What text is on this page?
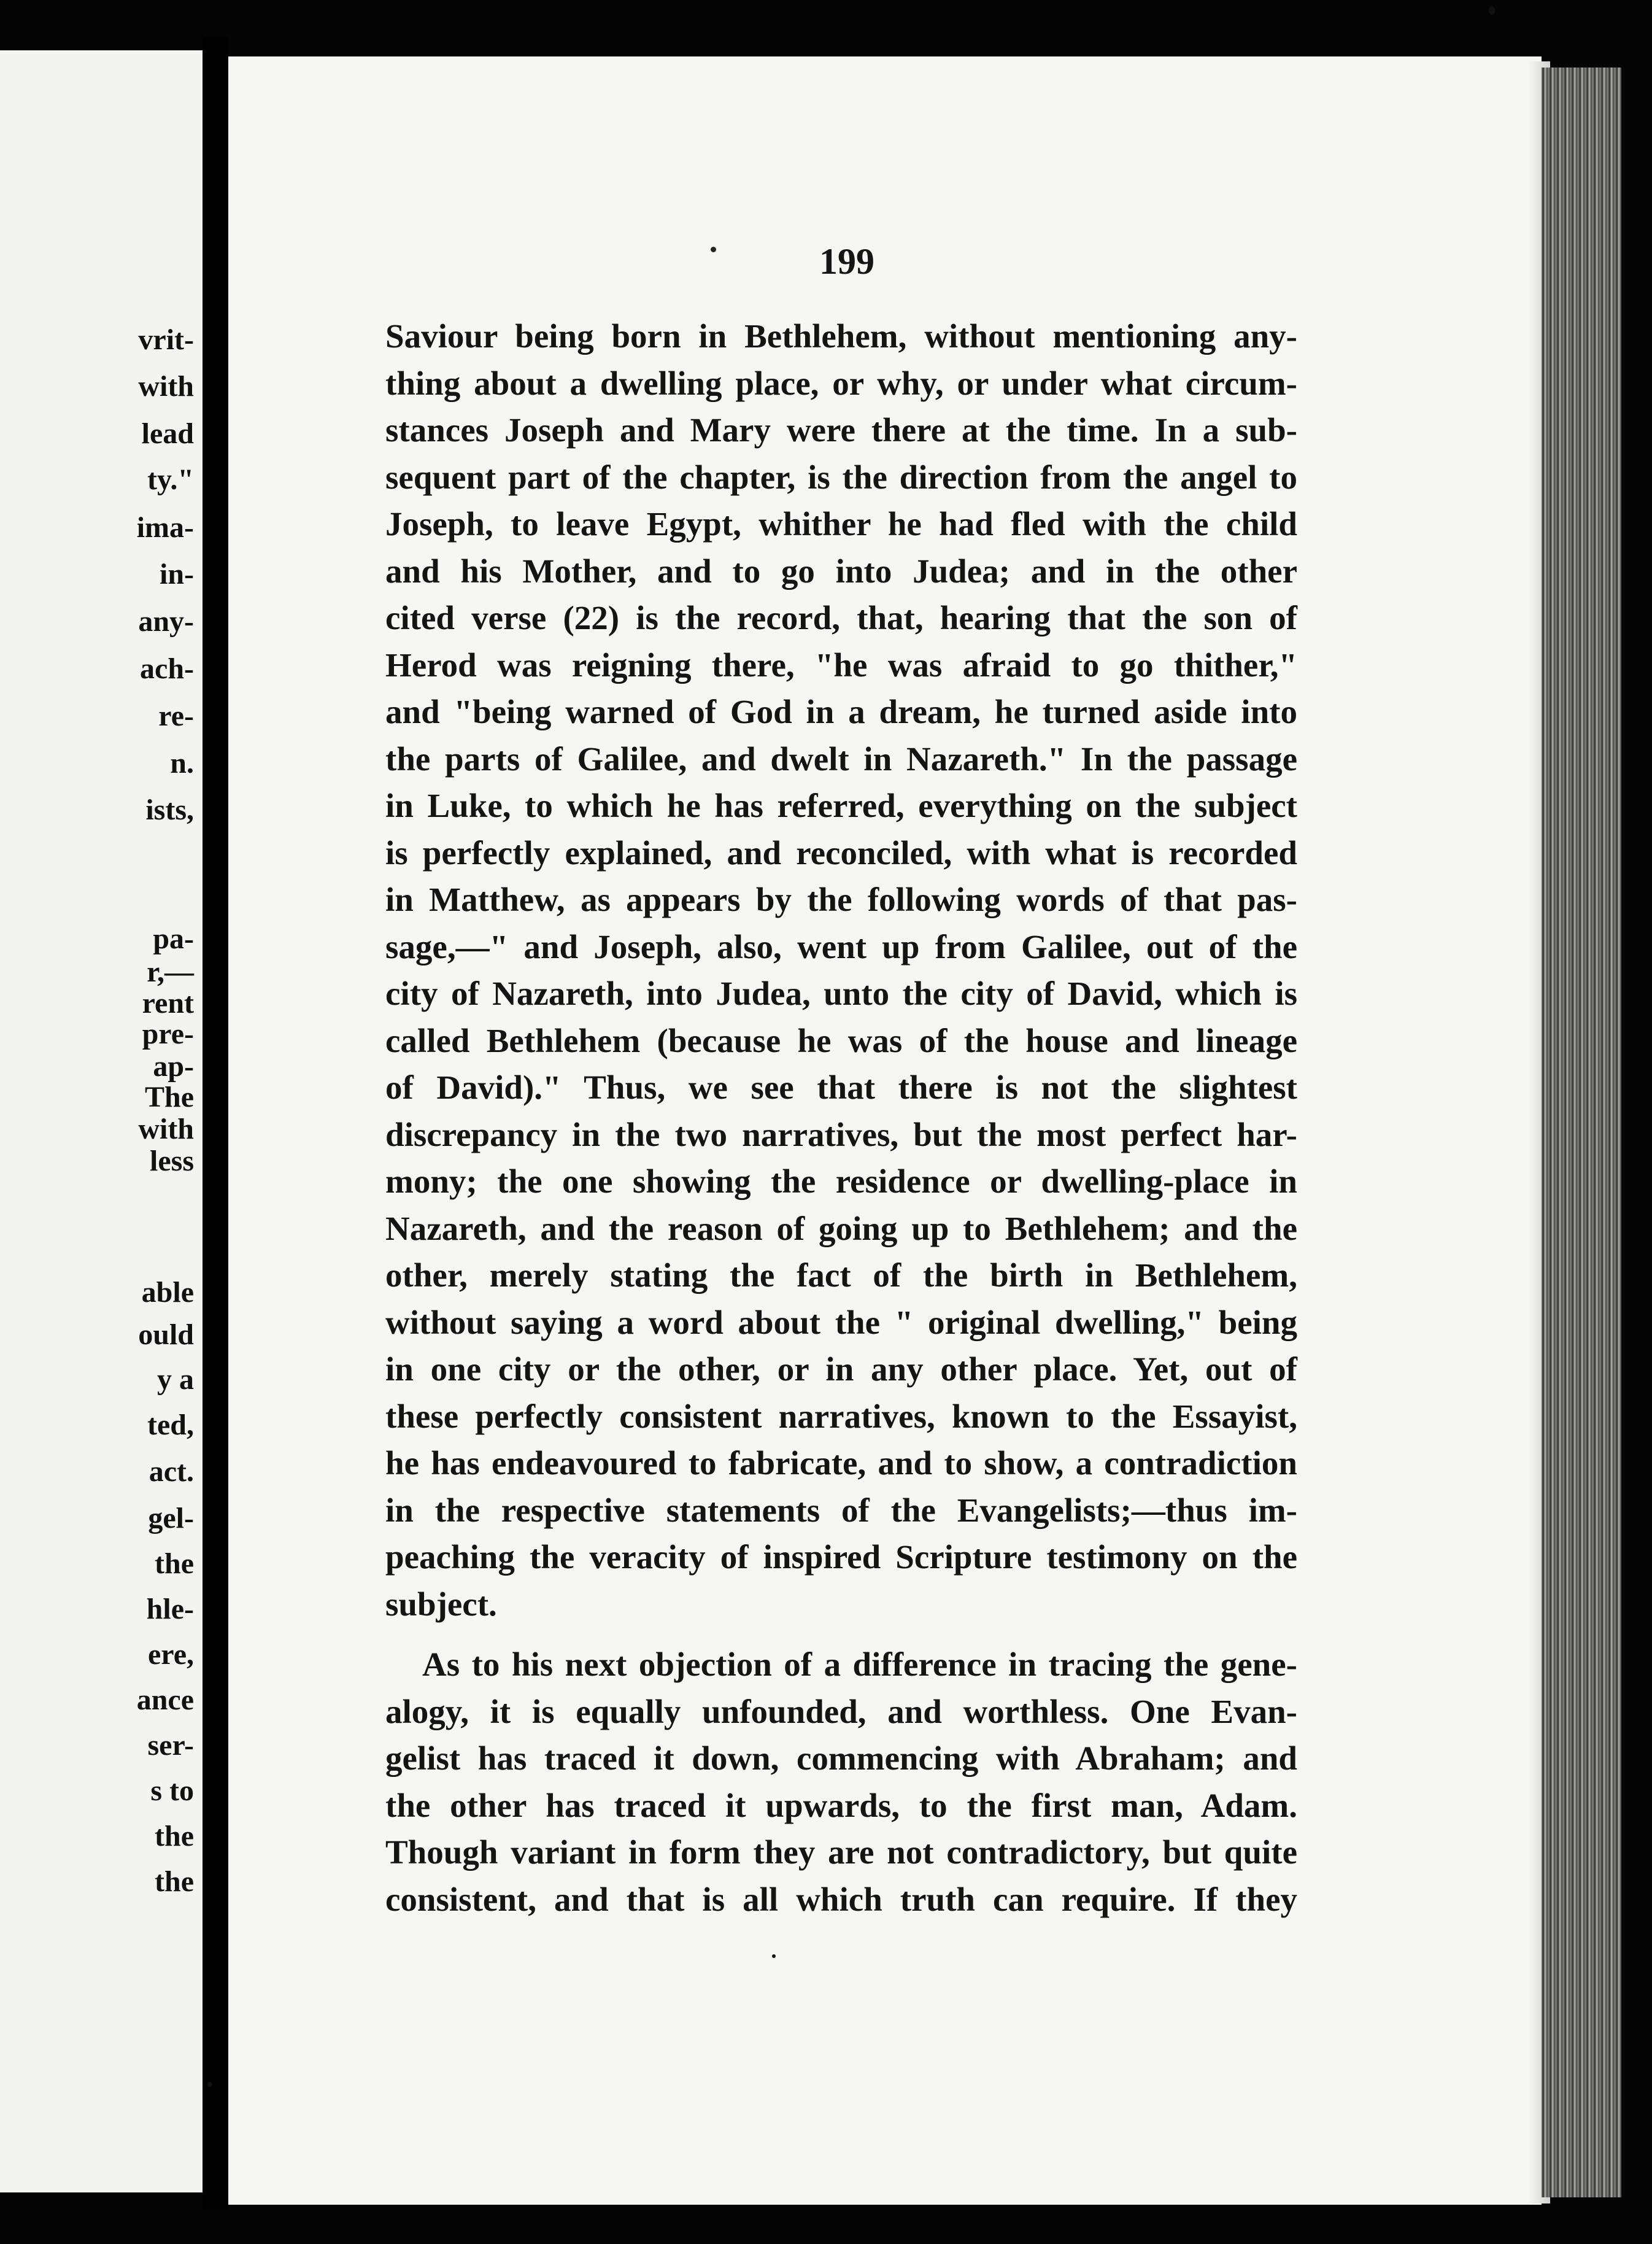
vrit-
with
lead
ty."
ima-
in-
any-
ach-
re-
n.
ists,
pa-
r,—
rent
pre-
ap-
The
with
less
able
ould
y a
ted,
act.
gel-
the
hle-
ere,
ance
ser-
s to
the
the
199
Saviour being born in Bethlehem, without mentioning any-
thing about a dwelling place, or why, or under what circum-
stances Joseph and Mary were there at the time. In a sub-
sequent part of the chapter, is the direction from the angel to
Joseph, to leave Egypt, whither he had fled with the child
and his Mother, and to go into Judea; and in the other
cited verse (22) is the record, that, hearing that the son of
Herod was reigning there, "he was afraid to go thither,"
and "being warned of God in a dream, he turned aside into
the parts of Galilee, and dwelt in Nazareth." In the passage
in Luke, to which he has referred, everything on the subject
is perfectly explained, and reconciled, with what is recorded
in Matthew, as appears by the following words of that pas-
sage,—" and Joseph, also, went up from Galilee, out of the
city of Nazareth, into Judea, unto the city of David, which is
called Bethlehem (because he was of the house and lineage
of David)." Thus, we see that there is not the slightest
discrepancy in the two narratives, but the most perfect har-
mony; the one showing the residence or dwelling-place in
Nazareth, and the reason of going up to Bethlehem; and the
other, merely stating the fact of the birth in Bethlehem,
without saying a word about the " original dwelling," being
in one city or the other, or in any other place. Yet, out of
these perfectly consistent narratives, known to the Essayist,
he has endeavoured to fabricate, and to show, a contradiction
in the respective statements of the Evangelists;—thus im-
peaching the veracity of inspired Scripture testimony on the
subject.
As to his next objection of a difference in tracing the gene-
alogy, it is equally unfounded, and worthless. One Evan-
gelist has traced it down, commencing with Abraham; and
the other has traced it upwards, to the first man, Adam.
Though variant in form they are not contradictory, but quite
consistent, and that is all which truth can require. If they
